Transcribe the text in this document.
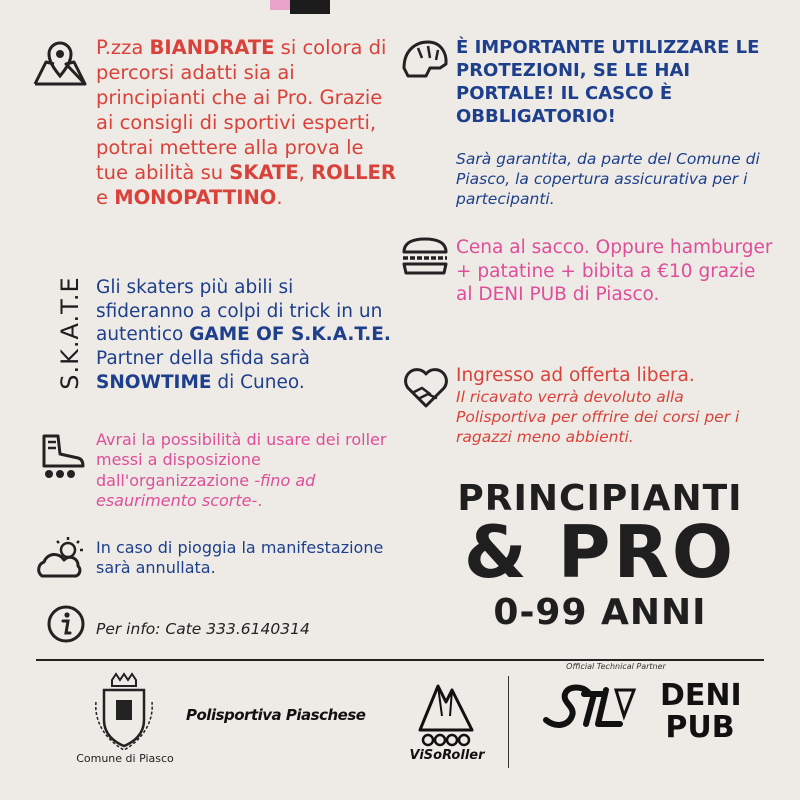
S.K.A.T.E
P.zza BIANDRATE si colora di percorsi adatti sia ai principianti che ai Pro. Grazie ai consigli di sportivi esperti, potrai mettere alla prova le tue abilità su SKATE, ROLLER e MONOPATTINO.
Gli skaters più abili si sfideranno a colpi di trick in un autentico GAME OF S.K.A.T.E. Partner della sfida sarà SNOWTIME di Cuneo.
Avrai la possibilità di usare dei roller messi a disposizione dall'organizzazione -fino ad esaurimento scorte-.
In caso di pioggia la manifestazione sarà annullata.
Per info: Cate 333.6140314
È IMPORTANTE UTILIZZARE LE PROTEZIONI, SE LE HAI PORTALE! IL CASCO È OBBLIGATORIO!
Sarà garantita, da parte del Comune di Piasco, la copertura assicurativa per i partecipanti.
Cena al sacco. Oppure hamburger + patatine + bibita a €10 grazie al DENI PUB di Piasco.
Ingresso ad offerta libera.
Il ricavato verrà devoluto alla Polisportiva per offrire dei corsi per i ragazzi meno abbienti.
PRINCIPIANTI
& PRO
0-99 ANNI
Comune di Piasco
Polisportiva Piaschese
ViSoRoller
Official Technical Partner
DENI PUB
